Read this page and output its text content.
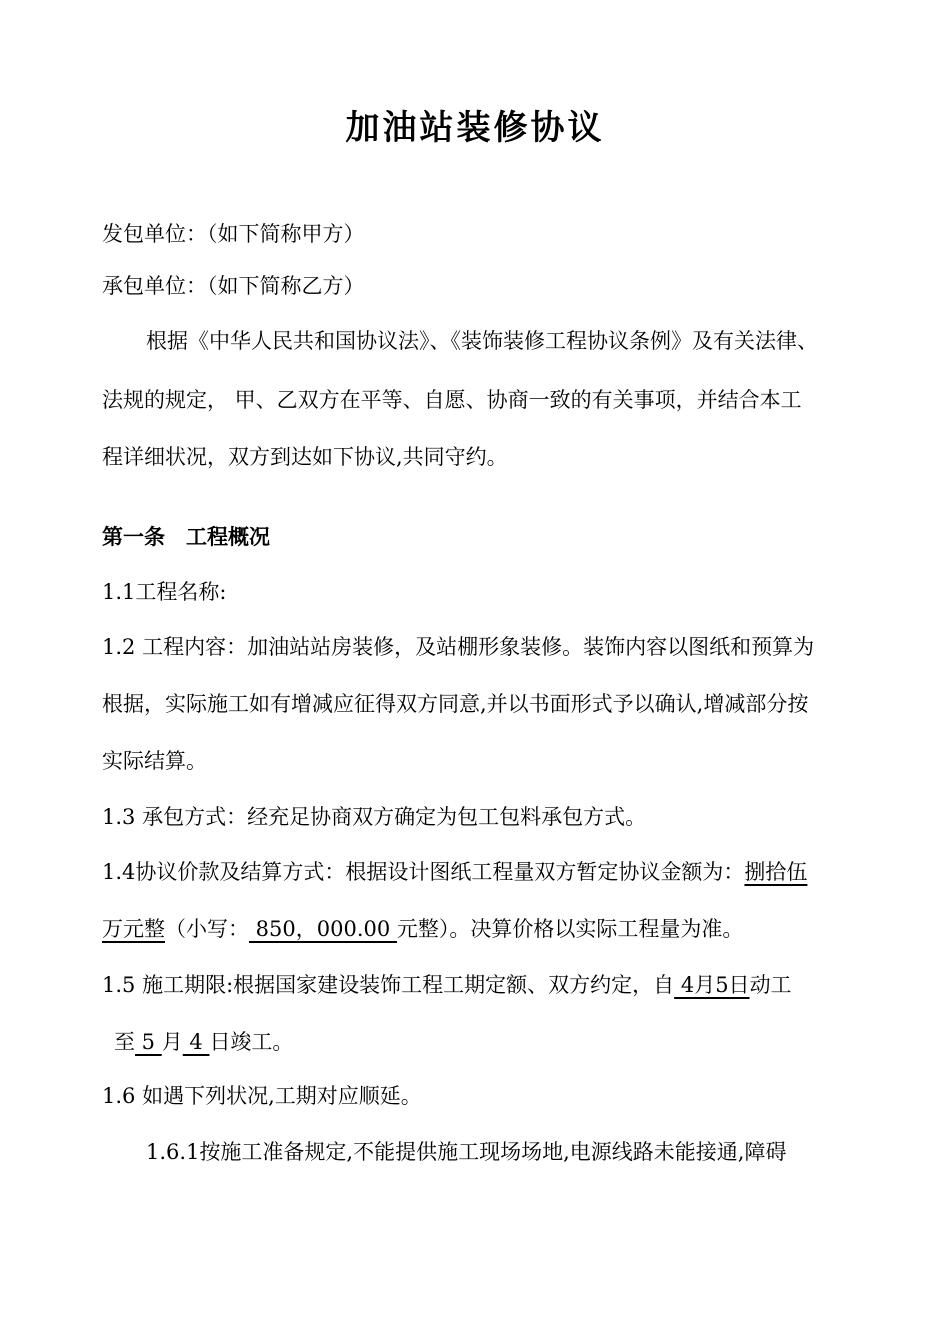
加油站装修协议
发包单位：（如下简称甲方）
承包单位：（如下简称乙方）
根据《中华人民共和国协议法》、《装饰装修工程协议条例》及有关法律、
法规的规定， 甲、乙双方在平等、自愿、协商一致的有关事项，并结合本工
程详细状况，双方到达如下协议,共同守约。
第一条　工程概况
1.1工程名称:
1.2 工程内容：加油站站房装修，及站棚形象装修。装饰内容以图纸和预算为
根据，实际施工如有增减应征得双方同意,并以书面形式予以确认,增减部分按
实际结算。
1.3 承包方式：经充足协商双方确定为包工包料承包方式。
1.4协议价款及结算方式：根据设计图纸工程量双方暂定协议金额为：捌拾伍
万元整（小写： 850，000.00 元整）。决算价格以实际工程量为准。
1.5 施工期限:根据国家建设装饰工程工期定额、双方约定，自 4月5日动工
至 5 月 4 日竣工。
1.6 如遇下列状况,工期对应顺延。
1.6.1按施工准备规定,不能提供施工现场场地,电源线路未能接通,障碍
